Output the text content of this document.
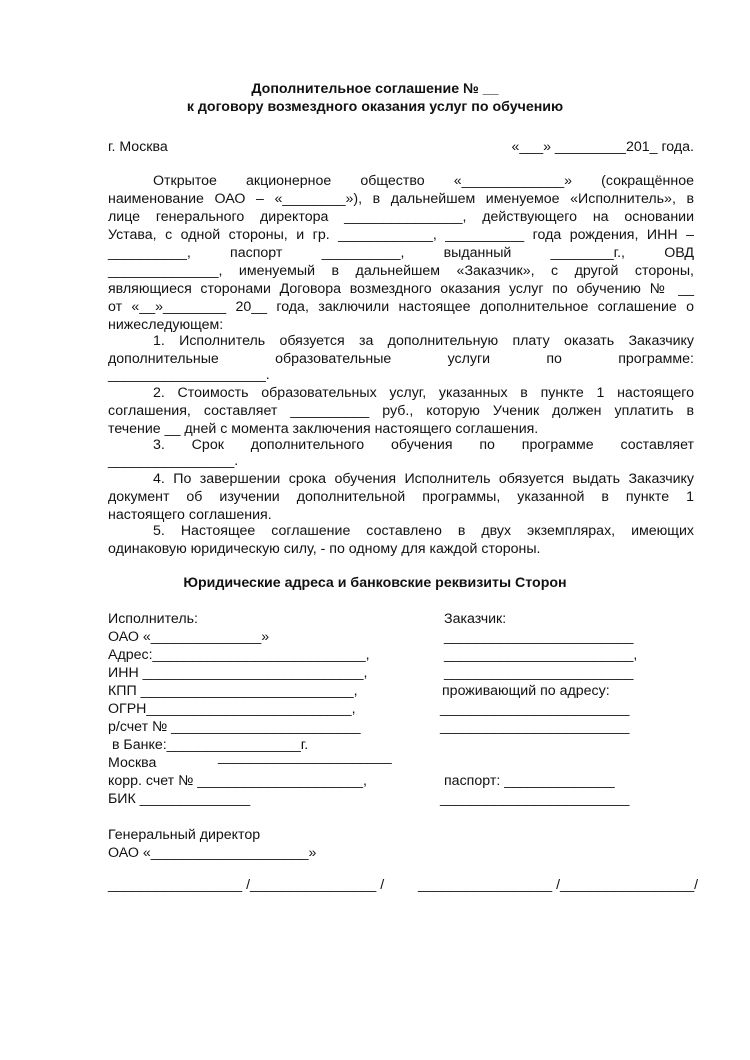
Дополнительное соглашение № __
к договору возмездного оказания услуг по обучению
г. Москва	«___» _________201_ года.
Открытое акционерное общество «_____________» (сокращённое
наименование ОАО – «________»), в дальнейшем именуемое «Исполнитель», в
лице генерального директора _______________, действующего на основании
Устава, с одной стороны, и гр. ____________, __________ года рождения, ИНН –
__________, паспорт __________, выданный ________г., ОВД
______________, именуемый в дальнейшем «Заказчик», с другой стороны,
являющиеся сторонами Договора возмездного оказания услуг по обучению № __
от «__»________ 20__ года, заключили настоящее дополнительное соглашение о
нижеследующем:
1. Исполнитель обязуется за дополнительную плату оказать Заказчику
дополнительные образовательные услуги по программе:
____________________.
2. Стоимость образовательных услуг, указанных в пункте 1 настоящего
соглашения, составляет __________ руб., которую Ученик должен уплатить в
течение __ дней с момента заключения настоящего соглашения.
3. Срок дополнительного обучения по программе составляет
________________.
4. По завершении срока обучения Исполнитель обязуется выдать Заказчику
документ об изучении дополнительной программы, указанной в пункте 1
настоящего соглашения.
5. Настоящее соглашение составлено в двух экземплярах, имеющих
одинаковую юридическую силу, - по одному для каждой стороны.
Юридические адреса и банковские реквизиты Сторон
Исполнитель:
ОАО «______________»
Адрес:___________________________,
ИНН ____________________________,
КПП ___________________________,
ОГРН__________________________,
р/счет № ________________________
в Банке:_________________г.
Москва	______________________
корр. счет № _____________________,
БИК ______________
Заказчик:
________________________
________________________,
________________________
проживающий по адресу:
________________________
________________________
паспорт: ______________
________________________
Генеральный директор
ОАО «____________________»
_________________ /________________ / _________________ /_________________/
